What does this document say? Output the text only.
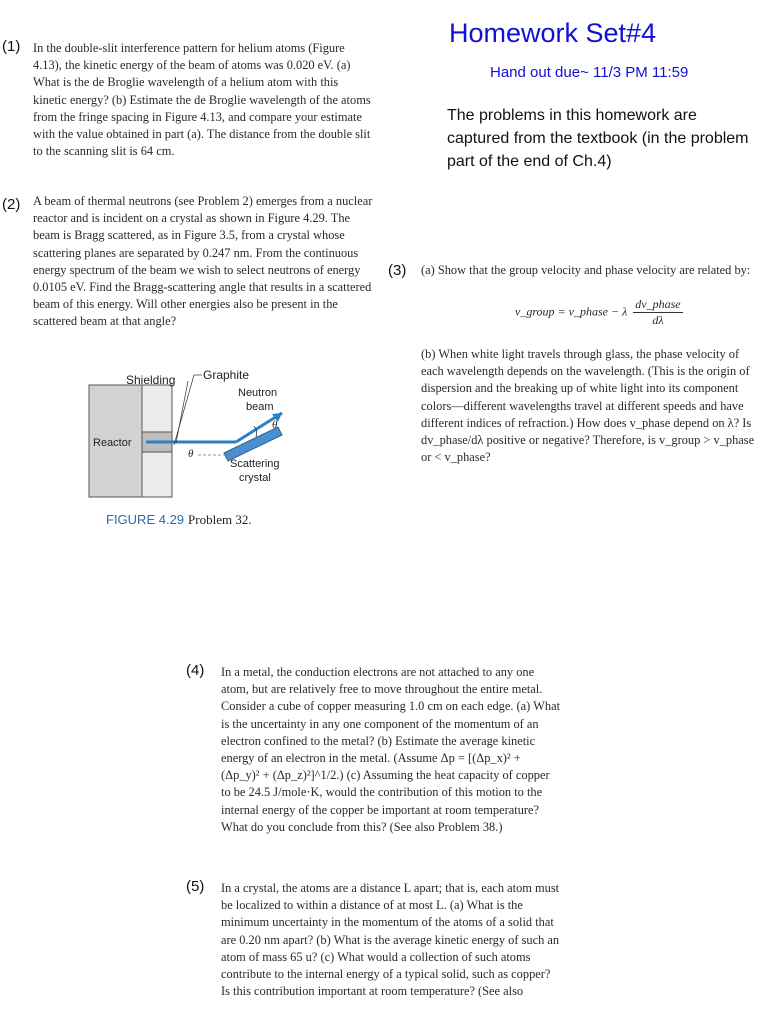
Homework Set#4
Hand out due~ 11/3 PM 11:59
The problems in this homework are captured from the textbook (in the problem part of the end of Ch.4)
(1) In the double-slit interference pattern for helium atoms (Figure 4.13), the kinetic energy of the beam of atoms was 0.020 eV. (a) What is the de Broglie wavelength of a helium atom with this kinetic energy? (b) Estimate the de Broglie wavelength of the atoms from the fringe spacing in Figure 4.13, and compare your estimate with the value obtained in part (a). The distance from the double slit to the scanning slit is 64 cm.
(2) A beam of thermal neutrons (see Problem 2) emerges from a nuclear reactor and is incident on a crystal as shown in Figure 4.29. The beam is Bragg scattered, as in Figure 3.5, from a crystal whose scattering planes are separated by 0.247 nm. From the continuous energy spectrum of the beam we wish to select neutrons of energy 0.0105 eV. Find the Bragg-scattering angle that results in a scattered beam of this energy. Will other energies also be present in the scattered beam at that angle?
Shielding Graphite
Neutron
beam
Reactor
θ
θ
Scattering
crystal
FIGURE 4.29 Problem 32.
(3) (a) Show that the group velocity and phase velocity are related by:
v_group = v_phase − λ $\frac{\text{dv\_phase}}{d\lambda}$
(b) When white light travels through glass, the phase velocity of each wavelength depends on the wavelength. (This is the origin of dispersion and the breaking up of white light into its component colors—different wavelengths travel at different speeds and have different indices of refraction.) How does v_phase depend on λ? Is dv_phase/dλ positive or negative? Therefore, is v_group > v_phase or < v_phase?
(4) In a metal, the conduction electrons are not attached to any one atom, but are relatively free to move throughout the entire metal. Consider a cube of copper measuring 1.0 cm on each edge. (a) What is the uncertainty in any one component of the momentum of an electron confined to the metal? (b) Estimate the average kinetic energy of an electron in the metal. (Assume Δp = [(Δp_x)² + (Δp_y)² + (Δp_z)²]^1/2.) (c) Assuming the heat capacity of copper to be 24.5 J/mole·K, would the contribution of this motion to the internal energy of the copper be important at room temperature? What do you conclude from this? (See also Problem 38.)
(5) In a crystal, the atoms are a distance L apart; that is, each atom must be localized to within a distance of at most L. (a) What is the minimum uncertainty in the momentum of the atoms of a solid that are 0.20 nm apart? (b) What is the average kinetic energy of such an atom of mass 65 u? (c) What would a collection of such atoms contribute to the internal energy of a typical solid, such as copper? Is this contribution important at room temperature? (See also
